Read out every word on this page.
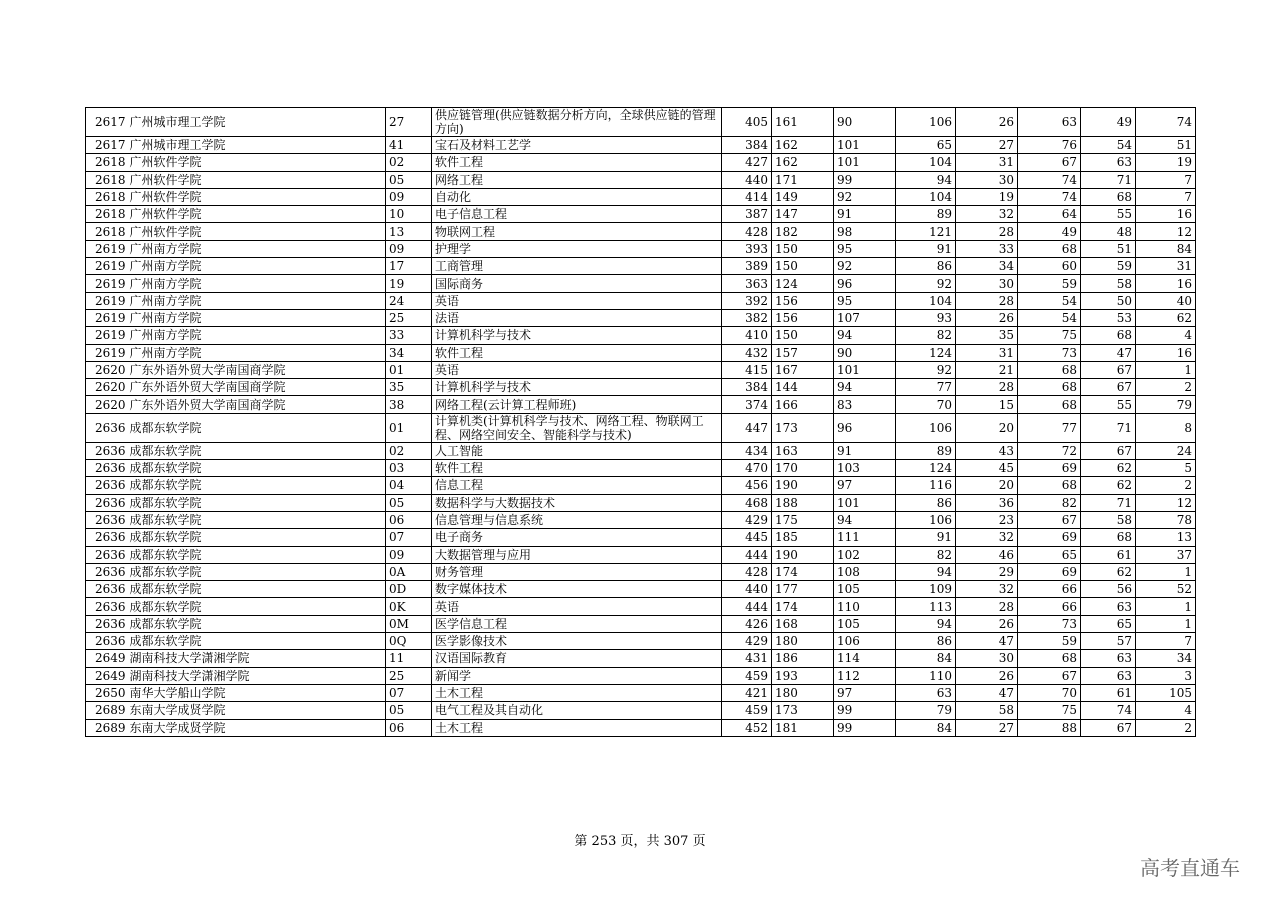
2617	广州城市理工学院	27	供应链管理(供应链数据分析方向，全球供应链的管理方向)	405	161	90	106	26	63	49	74
2617	广州城市理工学院	41	宝石及材料工艺学	384	162	101	65	27	76	54	51
2618	广州软件学院	02	软件工程	427	162	101	104	31	67	63	19
2618	广州软件学院	05	网络工程	440	171	99	94	30	74	71	7
2618	广州软件学院	09	自动化	414	149	92	104	19	74	68	7
2618	广州软件学院	10	电子信息工程	387	147	91	89	32	64	55	16
2618	广州软件学院	13	物联网工程	428	182	98	121	28	49	48	12
2619	广州南方学院	09	护理学	393	150	95	91	33	68	51	84
2619	广州南方学院	17	工商管理	389	150	92	86	34	60	59	31
2619	广州南方学院	19	国际商务	363	124	96	92	30	59	58	16
2619	广州南方学院	24	英语	392	156	95	104	28	54	50	40
2619	广州南方学院	25	法语	382	156	107	93	26	54	53	62
2619	广州南方学院	33	计算机科学与技术	410	150	94	82	35	75	68	4
2619	广州南方学院	34	软件工程	432	157	90	124	31	73	47	16
2620	广东外语外贸大学南国商学院	01	英语	415	167	101	92	21	68	67	1
2620	广东外语外贸大学南国商学院	35	计算机科学与技术	384	144	94	77	28	68	67	2
2620	广东外语外贸大学南国商学院	38	网络工程(云计算工程师班)	374	166	83	70	15	68	55	79
2636	成都东软学院	01	计算机类(计算机科学与技术、网络工程、物联网工程、网络空间安全、智能科学与技术)	447	173	96	106	20	77	71	8
2636	成都东软学院	02	人工智能	434	163	91	89	43	72	67	24
2636	成都东软学院	03	软件工程	470	170	103	124	45	69	62	5
2636	成都东软学院	04	信息工程	456	190	97	116	20	68	62	2
2636	成都东软学院	05	数据科学与大数据技术	468	188	101	86	36	82	71	12
2636	成都东软学院	06	信息管理与信息系统	429	175	94	106	23	67	58	78
2636	成都东软学院	07	电子商务	445	185	111	91	32	69	68	13
2636	成都东软学院	09	大数据管理与应用	444	190	102	82	46	65	61	37
2636	成都东软学院	0A	财务管理	428	174	108	94	29	69	62	1
2636	成都东软学院	0D	数字媒体技术	440	177	105	109	32	66	56	52
2636	成都东软学院	0K	英语	444	174	110	113	28	66	63	1
2636	成都东软学院	0M	医学信息工程	426	168	105	94	26	73	65	1
2636	成都东软学院	0Q	医学影像技术	429	180	106	86	47	59	57	7
2649	湖南科技大学潇湘学院	11	汉语国际教育	431	186	114	84	30	68	63	34
2649	湖南科技大学潇湘学院	25	新闻学	459	193	112	110	26	67	63	3
2650	南华大学船山学院	07	土木工程	421	180	97	63	47	70	61	105
2689	东南大学成贤学院	05	电气工程及其自动化	459	173	99	79	58	75	74	4
2689	东南大学成贤学院	06	土木工程	452	181	99	84	27	88	67	2
第 253 页，共 307 页
高考直通车
